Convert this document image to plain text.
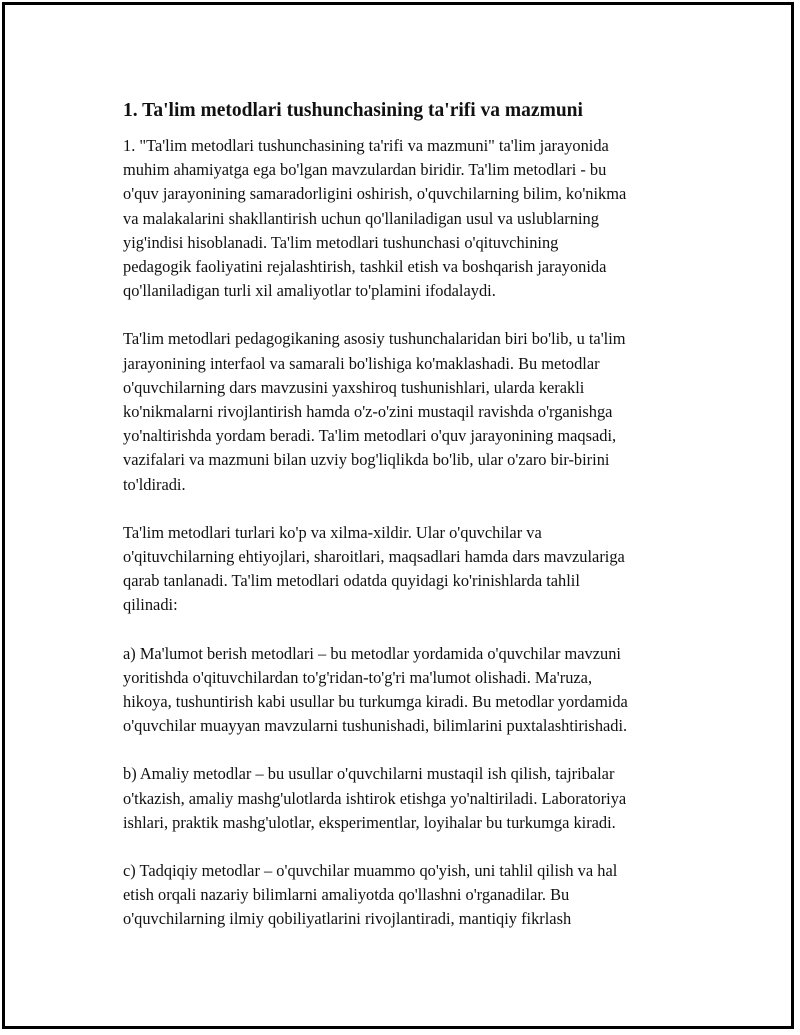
1. Ta'lim metodlari tushunchasining ta'rifi va mazmuni
1. "Ta'lim metodlari tushunchasining ta'rifi va mazmuni" ta'lim jarayonida
muhim ahamiyatga ega bo'lgan mavzulardan biridir. Ta'lim metodlari - bu
o'quv jarayonining samaradorligini oshirish, o'quvchilarning bilim, ko'nikma
va malakalarini shakllantirish uchun qo'llaniladigan usul va uslublarning
yig'indisi hisoblanadi. Ta'lim metodlari tushunchasi o'qituvchining
pedagogik faoliyatini rejalashtirish, tashkil etish va boshqarish jarayonida
qo'llaniladigan turli xil amaliyotlar to'plamini ifodalaydi.
Ta'lim metodlari pedagogikaning asosiy tushunchalaridan biri bo'lib, u ta'lim
jarayonining interfaol va samarali bo'lishiga ko'maklashadi. Bu metodlar
o'quvchilarning dars mavzusini yaxshiroq tushunishlari, ularda kerakli
ko'nikmalarni rivojlantirish hamda o'z-o'zini mustaqil ravishda o'rganishga
yo'naltirishda yordam beradi. Ta'lim metodlari o'quv jarayonining maqsadi,
vazifalari va mazmuni bilan uzviy bog'liqlikda bo'lib, ular o'zaro bir-birini
to'ldiradi.
Ta'lim metodlari turlari ko'p va xilma-xildir. Ular o'quvchilar va
o'qituvchilarning ehtiyojlari, sharoitlari, maqsadlari hamda dars mavzulariga
qarab tanlanadi. Ta'lim metodlari odatda quyidagi ko'rinishlarda tahlil
qilinadi:
a) Ma'lumot berish metodlari – bu metodlar yordamida o'quvchilar mavzuni
yoritishda o'qituvchilardan to'g'ridan-to'g'ri ma'lumot olishadi. Ma'ruza,
hikoya, tushuntirish kabi usullar bu turkumga kiradi. Bu metodlar yordamida
o'quvchilar muayyan mavzularni tushunishadi, bilimlarini puxtalashtirishadi.
b) Amaliy metodlar – bu usullar o'quvchilarni mustaqil ish qilish, tajribalar
o'tkazish, amaliy mashg'ulotlarda ishtirok etishga yo'naltiriladi. Laboratoriya
ishlari, praktik mashg'ulotlar, eksperimentlar, loyihalar bu turkumga kiradi.
c) Tadqiqiy metodlar – o'quvchilar muammo qo'yish, uni tahlil qilish va hal
etish orqali nazariy bilimlarni amaliyotda qo'llashni o'rganadilar. Bu
o'quvchilarning ilmiy qobiliyatlarini rivojlantiradi, mantiqiy fikrlash
